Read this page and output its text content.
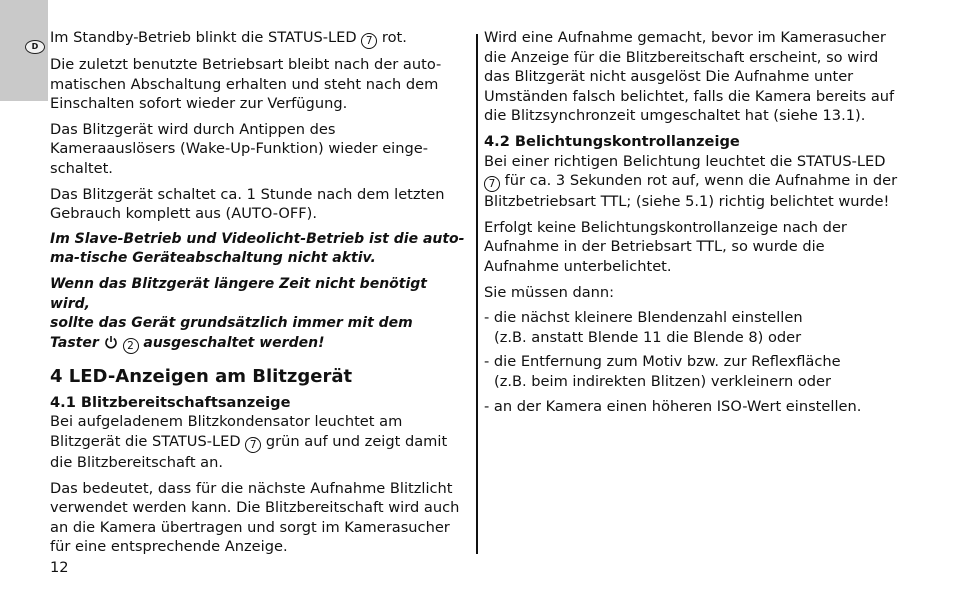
D

Im Standby-Betrieb blinkt die STATUS-LED 7 rot.

Die zuletzt benutzte Betriebsart bleibt nach der auto-
matischen Abschaltung erhalten und steht nach dem
Einschalten sofort wieder zur Verfügung.

Das Blitzgerät wird durch Antippen des
Kameraauslösers (Wake-Up-Funktion) wieder einge-
schaltet.

Das Blitzgerät schaltet ca. 1 Stunde nach dem letzten
Gebrauch komplett aus (AUTO-OFF).

Im Slave-Betrieb und Videolicht-Betrieb ist die auto-
ma-tische Geräteabschaltung nicht aktiv.

Wenn das Blitzgerät längere Zeit nicht benötigt wird,
sollte das Gerät grundsätzlich immer mit dem
Taster	2 ausgeschaltet werden!

4 LED-Anzeigen am Blitzgerät
4.1 Blitzbereitschaftsanzeige

Bei aufgeladenem Blitzkondensator leuchtet am
Blitzgerät die STATUS-LED 7 grün auf und zeigt damit
die Blitzbereitschaft an.

Das bedeutet, dass für die nächste Aufnahme Blitzlicht
verwendet werden kann. Die Blitzbereitschaft wird auch
an die Kamera übertragen und sorgt im Kamerasucher
für eine entsprechende Anzeige.

Wird eine Aufnahme gemacht, bevor im Kamerasucher
die Anzeige für die Blitzbereitschaft erscheint, so wird
das Blitzgerät nicht ausgelöst Die Aufnahme unter
Umständen falsch belichtet, falls die Kamera bereits auf
die Blitzsynchronzeit umgeschaltet hat (siehe 13.1).

4.2 Belichtungskontrollanzeige

Bei einer richtigen Belichtung leuchtet die STATUS-LED
7 für ca. 3 Sekunden rot auf, wenn die Aufnahme in der
Blitzbetriebsart TTL; (siehe 5.1) richtig belichtet wurde!

Erfolgt keine Belichtungskontrollanzeige nach der
Aufnahme in der Betriebsart TTL, so wurde die
Aufnahme unterbelichtet.

Sie müssen dann:

- die nächst kleinere Blendenzahl einstellen
(z.B. anstatt Blende 11 die Blende 8) oder
- die Entfernung zum Motiv bzw. zur Reflexfläche
(z.B. beim indirekten Blitzen) verkleinern oder
- an der Kamera einen höheren ISO-Wert einstellen.
12
